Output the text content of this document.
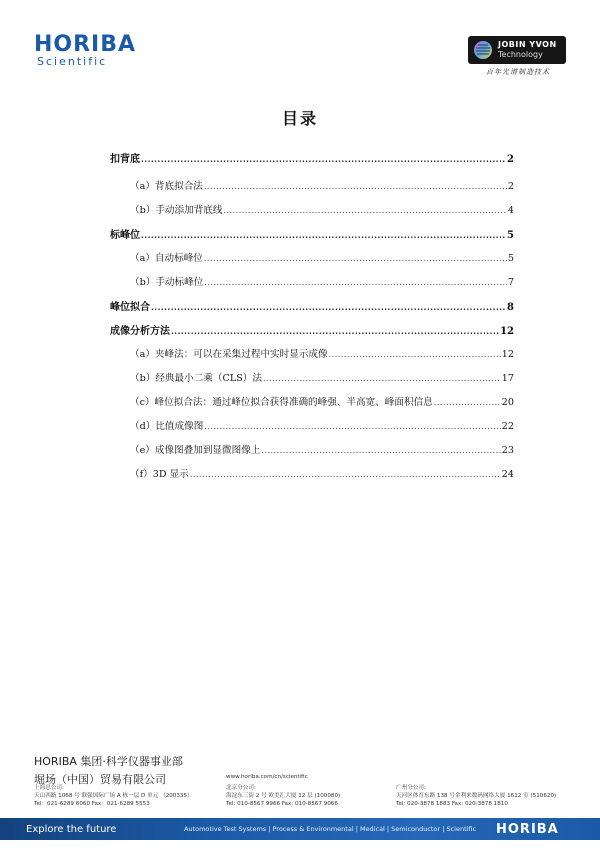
HORIBA
Scientific
JOBIN YVON
Technology
百年光谱制造技术
目录
扣背底 .....	2
（a）背底拟合法 .....	2
（b）手动添加背底线 .....	4
标峰位 .....	5
（a）自动标峰位 .....	5
（b）手动标峰位 .....	7
峰位拟合 .....	8
成像分析方法 .....	12
（a）夹峰法：可以在采集过程中实时显示成像 .....	12
（b）经典最小二乘（CLS）法 .....	17
（c）峰位拟合法：通过峰位拟合获得准确的峰强、半高宽、峰面积信息 .....	20
（d）比值成像图 .....	22
（e）成像图叠加到显微图像上 .....	23
（f）3D 显示 .....	24
HORIBA 集团·科学仪器事业部
堀场（中国）贸易有限公司	www.horiba.com/cn/scientific
上海总公司:
天山西路 1068 号 联强国际广场 A 栋一层 D 单元 （200335）
Tel：021-6289 6060 Fax：021-6289 5553
北京分公司:
海淀东三街 2 号 欧美汇大厦 12 层 (100080)
Tel: 010-8567 9966 Fax: 010-8567 9066
广州分公司:
天河区体育东路 138 号金利来数码网络大厦 1612 室 (510620)
Tel: 020-3878 1883 Fax: 020-3878 1810
Explore the future	Automotive Test Systems | Process & Environmental | Medical | Semiconductor | Scientific HORIBA
